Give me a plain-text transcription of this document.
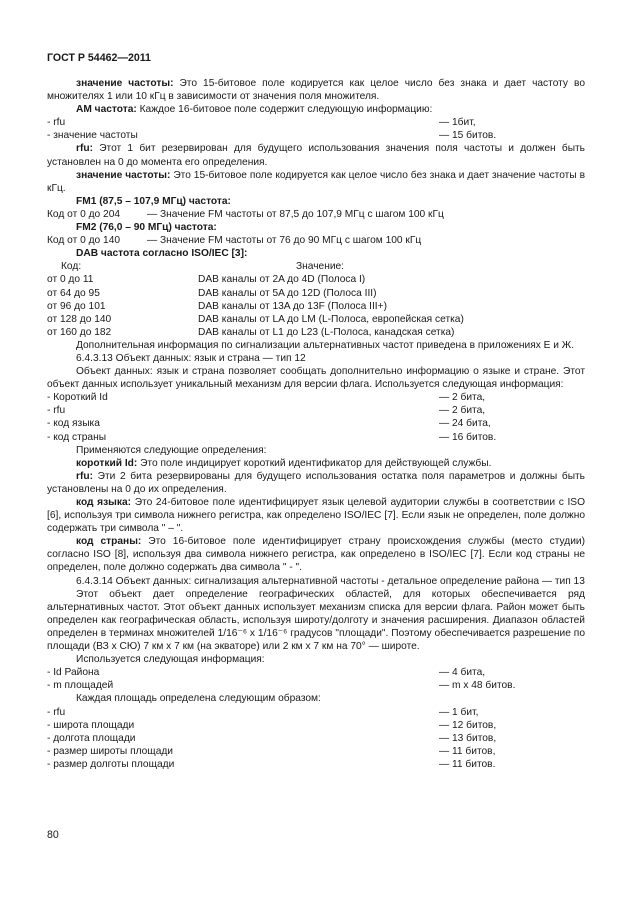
ГОСТ Р 54462—2011

значение частоты: Это 15-битовое поле кодируется как целое число без знака и дает частоту во множителях 1 или 10 кГц в зависимости от значения поля множителя.

AM частота: Каждое 16-битовое поле содержит следующую информацию:

- rfu	— 1бит,
- значение частоты	— 15 битов.

rfu: Этот 1 бит резервирован для будущего использования значения поля частоты и должен быть установлен на 0 до момента его определения.

значение частоты: Это 15-битовое поле кодируется как целое число без знака и дает значение частоты в кГц.

FM1 (87,5 – 107,9 МГц) частота:

Код от 0 до 204	— Значение FM частоты от 87,5 до 107,9 МГц с шагом 100 кГц

FM2 (76,0 – 90 МГц) частота:

Код от 0 до 140	— Значение FM частоты от 76 до 90 МГц с шагом 100 кГц

DAB частота согласно ISO/IEC [3]:

Код:	Значение:
от 0 до 11	DAB каналы от 2A до 4D (Полоса I)
от 64 до 95	DAB каналы от 5A до 12D (Полоса III)
от 96 до 101	DAB каналы от 13A до 13F (Полоса III+)
от 128 до 140	DAB каналы от LA до LM (L-Полоса, европейская сетка)
от 160 до 182	DAB каналы от L1 до L23 (L-Полоса, канадская сетка)

Дополнительная информация по сигнализации альтернативных частот приведена в приложениях Е и Ж.

6.4.3.13 Объект данных: язык и страна — тип 12

Объект данных: язык и страна позволяет сообщать дополнительно информацию о языке и стране. Этот объект данных использует уникальный механизм для версии флага. Используется следующая информация:

- Короткий Id	— 2 бита,
- rfu	— 2 бита,
- код языка	— 24 бита,
- код страны	— 16 битов.

Применяются следующие определения:

короткий Id: Это поле индицирует короткий идентификатор для действующей службы.

rfu: Эти 2 бита резервированы для будущего использования остатка поля параметров и должны быть установлены на 0 до их определения.

код языка: Это 24-битовое поле идентифицирует язык целевой аудитории службы в соответствии с ISO [6], используя три символа нижнего регистра, как определено ISO/IEC [7]. Если язык не определен, поле должно содержать три символа " – ".

код страны: Это 16-битовое поле идентифицирует страну происхождения службы (место студии) согласно ISO [8], используя два символа нижнего регистра, как определено в ISO/IEC [7]. Если код страны не определен, поле должно содержать два символа " - ".

6.4.3.14 Объект данных: сигнализация альтернативной частоты - детальное определение района — тип 13

Этот объект дает определение географических областей, для которых обеспечивается ряд альтернативных частот. Этот объект данных использует механизм списка для версии флага. Район может быть определен как географическая область, используя широту/долготу и значения расширения. Диапазон областей определен в терминах множителей 1/16⁻⁶ х 1/16⁻⁶ градусов "площади". Поэтому обеспечивается разрешение по площади (ВЗ х СЮ) 7 км х 7 км (на экваторе) или 2 км х 7 км на 70° — широте.

Используется следующая информация:

- Id Района	— 4 бита,
- m площадей	— m х 48 битов.

Каждая площадь определена следующим образом:

- rfu	— 1 бит,
- широта площади	— 12 битов,
- долгота площади	— 13 битов,
- размер широты площади	— 11 битов,
- размер долготы площади	— 11 битов.
80
